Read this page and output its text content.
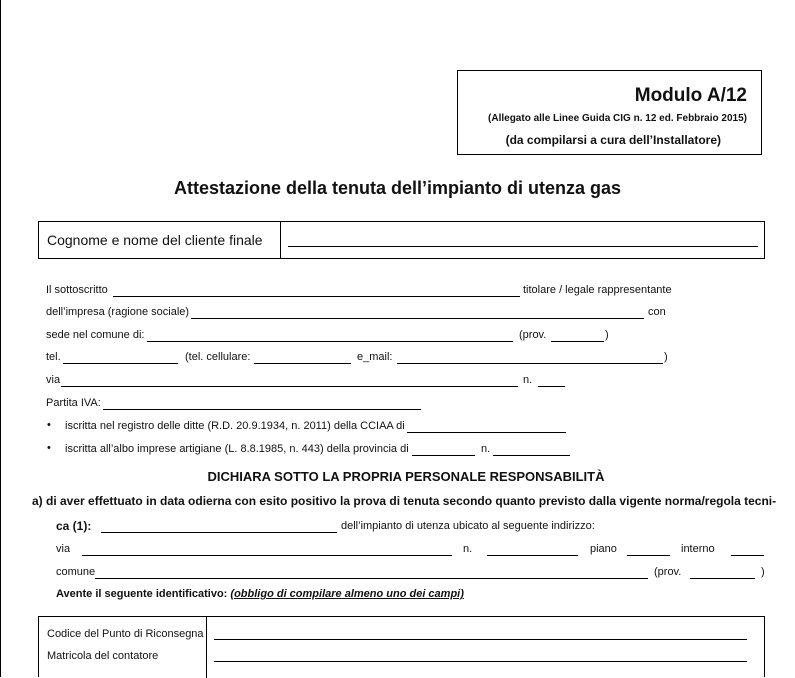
Modulo A/12
(Allegato alle Linee Guida CIG n. 12 ed. Febbraio 2015)
(da compilarsi a cura dell’Installatore)
Attestazione della tenuta dell’impianto di utenza gas
Cognome e nome del cliente finale
Il sottoscritto	titolare / legale rappresentante
dell’impresa (ragione sociale)	con
sede nel comune di:	(prov.	)
tel.	(tel. cellulare:	e_mail:	)
via	n.
Partita IVA:
• iscritta nel registro delle ditte (R.D. 20.9.1934, n. 2011) della CCIAA di
• iscritta all’albo imprese artigiane (L. 8.8.1985, n. 443) della provincia di	n.
DICHIARA SOTTO LA PROPRIA PERSONALE RESPONSABILITÀ
a) di aver effettuato in data odierna con esito positivo la prova di tenuta secondo quanto previsto dalla vigente norma/regola tecni-
ca (1):	dell’impianto di utenza ubicato al seguente indirizzo:
via	n.	piano	interno
comune	(prov.	)
Avente il seguente identificativo: (obbligo di compilare almeno uno dei campi)
Codice del Punto di Riconsegna
Matricola del contatore
